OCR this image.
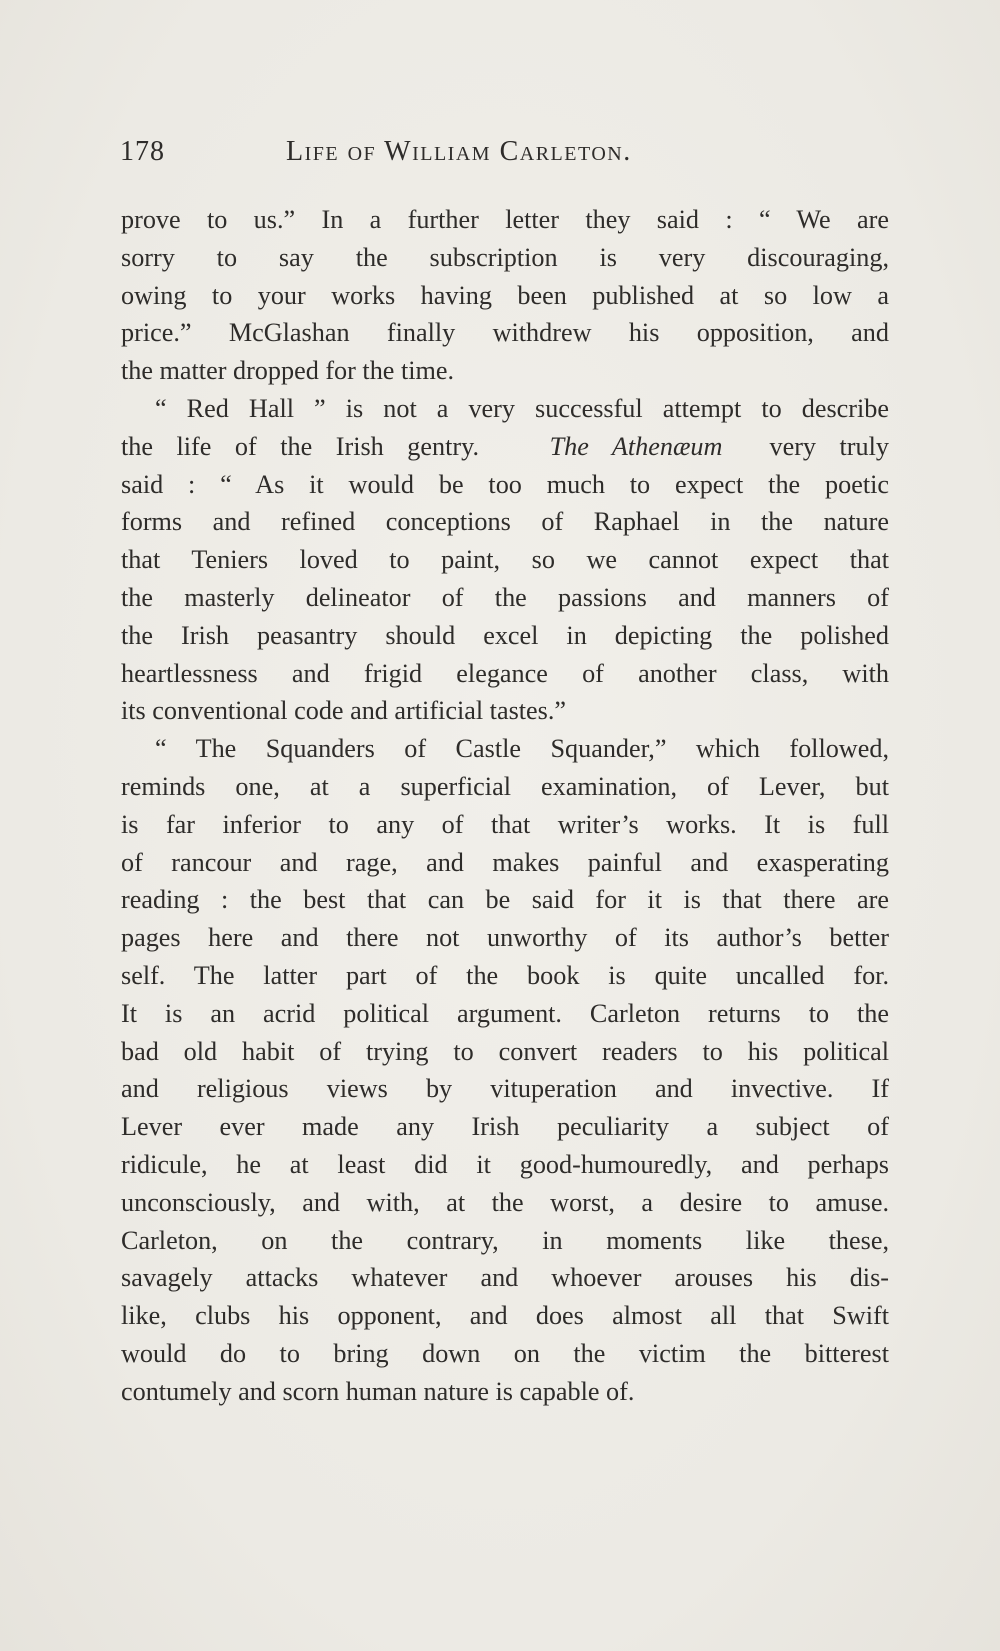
178	Life of William Carleton.

prove to us.” In a further letter they said : “ We are
sorry to say the subscription is very discouraging,
owing to your works having been published at so low a
price.” McGlashan finally withdrew his opposition, and
the matter dropped for the time.

“ Red Hall ” is not a very successful attempt to describe
the life of the Irish gentry.	The Athenæum very truly
said : “ As it would be too much to expect the poetic
forms and refined conceptions of Raphael in the nature
that Teniers loved to paint, so we cannot expect that
the masterly delineator of the passions and manners of
the Irish peasantry should excel in depicting the polished
heartlessness and frigid elegance of another class, with
its conventional code and artificial tastes.”

“ The Squanders of Castle Squander,” which followed,
reminds one, at a superficial examination, of Lever, but
is far inferior to any of that writer’s works. It is full
of rancour and rage, and makes painful and exasperating
reading : the best that can be said for it is that there are
pages here and there not unworthy of its author’s better
self. The latter part of the book is quite uncalled for.
It is an acrid political argument. Carleton returns to the
bad old habit of trying to convert readers to his political
and religious views by vituperation and invective. If
Lever ever made any Irish peculiarity a subject of
ridicule, he at least did it good-humouredly, and perhaps
unconsciously, and with, at the worst, a desire to amuse.
Carleton, on the contrary, in moments like these,
savagely attacks whatever and whoever arouses his dis-
like, clubs his opponent, and does almost all that Swift
would do to bring down on the victim the bitterest
contumely and scorn human nature is capable of.
